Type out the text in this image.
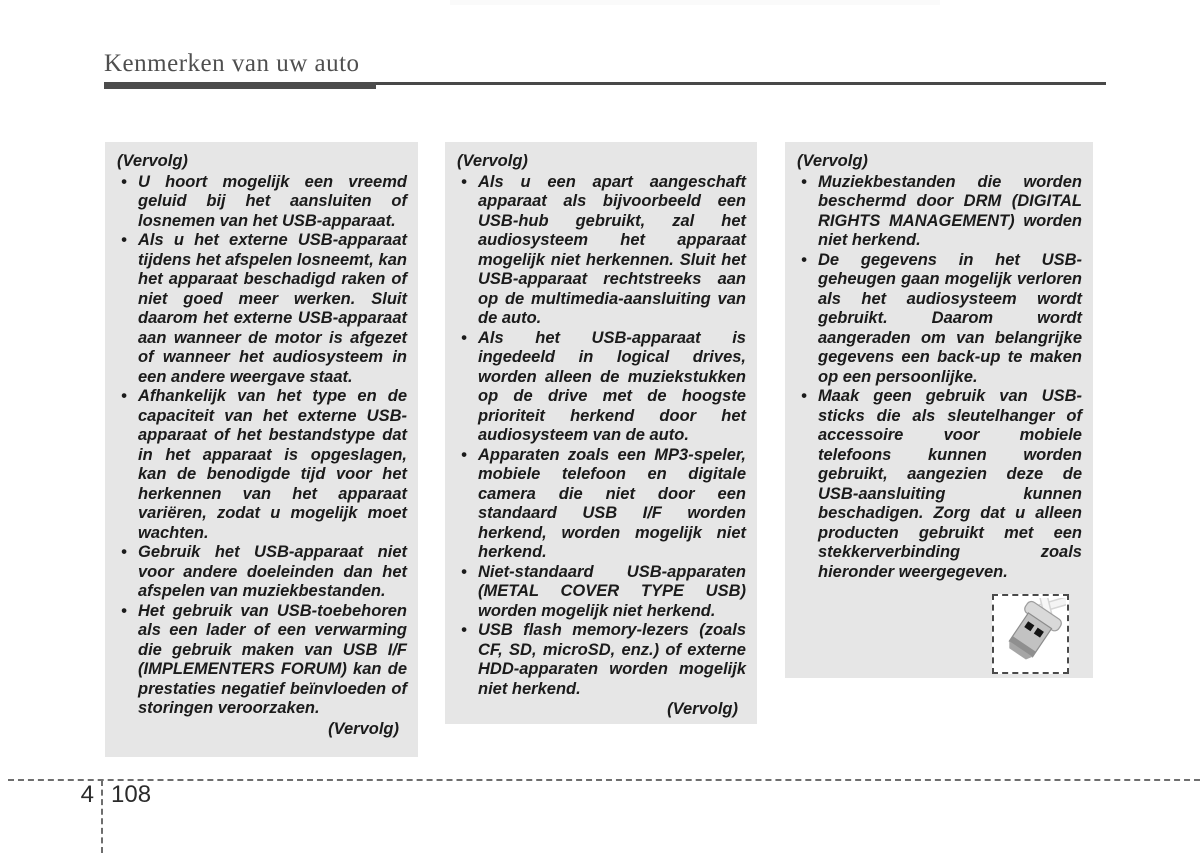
Kenmerken van uw auto

(Vervolg)

• U hoort mogelijk een vreemd geluid bij het aansluiten of losnemen van het USB-apparaat.
• Als u het externe USB-apparaat tijdens het afspelen losneemt, kan het apparaat beschadigd raken of niet goed meer werken. Sluit daarom het externe USB-apparaat aan wanneer de motor is afgezet of wanneer het audiosysteem in een andere weergave staat.
• Afhankelijk van het type en de capaciteit van het externe USB-apparaat of het bestandstype dat in het apparaat is opgeslagen, kan de benodigde tijd voor het herkennen van het apparaat variëren, zodat u mogelijk moet wachten.
• Gebruik het USB-apparaat niet voor andere doeleinden dan het afspelen van muziekbestanden.
• Het gebruik van USB-toebehoren als een lader of een verwarming die gebruik maken van USB I/F (IMPLEMENTERS FORUM) kan de prestaties negatief beïnvloeden of storingen veroorzaken.

(Vervolg)

(Vervolg)

• Als u een apart aangeschaft apparaat als bijvoorbeeld een USB-hub gebruikt, zal het audiosysteem het apparaat mogelijk niet herkennen. Sluit het USB-apparaat rechtstreeks aan op de multimedia-aansluiting van de auto.
• Als het USB-apparaat is ingedeeld in logical drives, worden alleen de muziekstukken op de drive met de hoogste prioriteit herkend door het audiosysteem van de auto.
• Apparaten zoals een MP3-speler, mobiele telefoon en digitale camera die niet door een standaard USB I/F worden herkend, worden mogelijk niet herkend.
• Niet-standaard USB-apparaten (METAL COVER TYPE USB) worden mogelijk niet herkend.
• USB flash memory-lezers (zoals CF, SD, microSD, enz.) of externe HDD-apparaten worden mogelijk niet herkend.

(Vervolg)

(Vervolg)

• Muziekbestanden die worden beschermd door DRM (DIGITAL RIGHTS MANAGEMENT) worden niet herkend.
• De gegevens in het USB-geheugen gaan mogelijk verloren als het audiosysteem wordt gebruikt. Daarom wordt aangeraden om van belangrijke gegevens een back-up te maken op een persoonlijke.
• Maak geen gebruik van USB-sticks die als sleutelhanger of accessoire voor mobiele telefoons kunnen worden gebruikt, aangezien deze de USB-aansluiting kunnen beschadigen. Zorg dat u alleen producten gebruikt met een stekkerverbinding zoals hieronder weergegeven.
4 108
